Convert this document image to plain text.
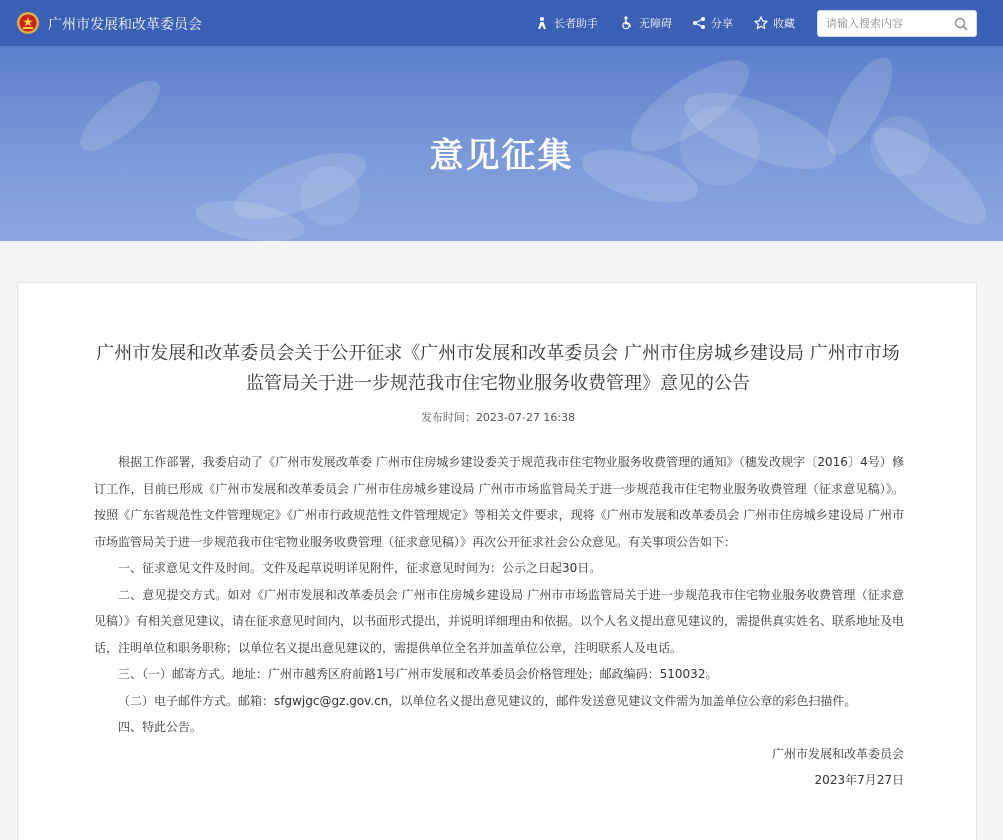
广州市发展和改革委员会	长者助手	无障碍	分享	收藏
请输入搜索内容
意见征集
广州市发展和改革委员会关于公开征求《广州市发展和改革委员会 广州市住房城乡建设局 广州市市场监管局关于进一步规范我市住宅物业服务收费管理》意见的公告
发布时间：2023-07-27 16:38

根据工作部署，我委启动了《广州市发展改革委 广州市住房城乡建设委关于规范我市住宅物业服务收费管理的通知》（穗发改规字〔2016〕4号）修订工作，目前已形成《广州市发展和改革委员会 广州市住房城乡建设局 广州市市场监管局关于进一步规范我市住宅物业服务收费管理（征求意见稿）》。按照《广东省规范性文件管理规定》《广州市行政规范性文件管理规定》等相关文件要求，现将《广州市发展和改革委员会 广州市住房城乡建设局 广州市市场监管局关于进一步规范我市住宅物业服务收费管理（征求意见稿）》再次公开征求社会公众意见。有关事项公告如下：

一、征求意见文件及时间。文件及起草说明详见附件，征求意见时间为：公示之日起30日。

二、意见提交方式。如对《广州市发展和改革委员会 广州市住房城乡建设局 广州市市场监管局关于进一步规范我市住宅物业服务收费管理（征求意见稿）》有相关意见建议，请在征求意见时间内，以书面形式提出，并说明详细理由和依据。以个人名义提出意见建议的，需提供真实姓名、联系地址及电话，注明单位和职务职称；以单位名义提出意见建议的，需提供单位全名并加盖单位公章，注明联系人及电话。

三、（一）邮寄方式。地址：广州市越秀区府前路1号广州市发展和改革委员会价格管理处；邮政编码：510032。

（二）电子邮件方式。邮箱：sfgwjgc@gz.gov.cn，以单位名义提出意见建议的，邮件发送意见建议文件需为加盖单位公章的彩色扫描件。

四、特此公告。

广州市发展和改革委员会

2023年7月27日
